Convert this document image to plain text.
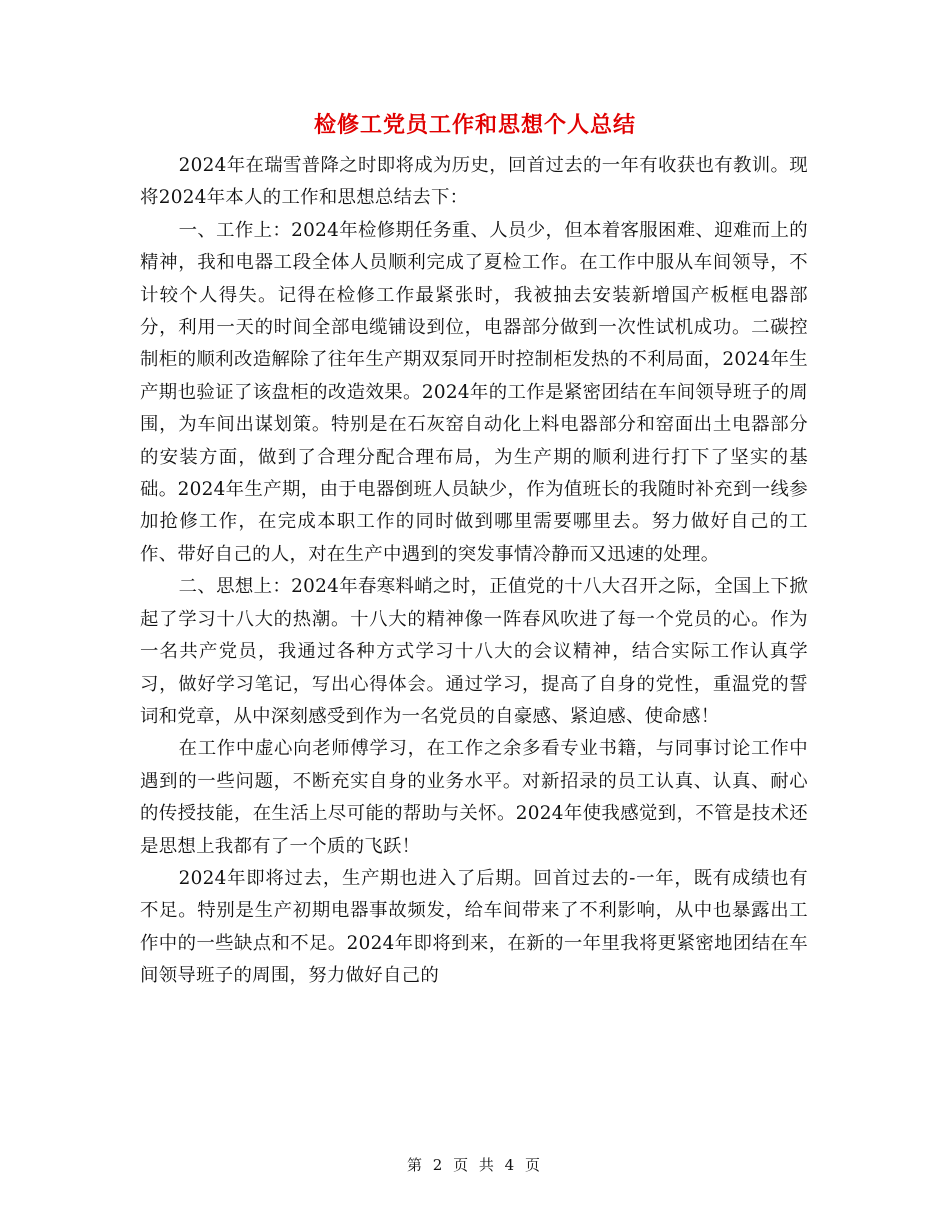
检修工党员工作和思想个人总结

2024年在瑞雪普降之时即将成为历史，回首过去的一年有收获也有教训。现将2024年本人的工作和思想总结去下：

一、工作上：2024年检修期任务重、人员少，但本着客服困难、迎难而上的精神，我和电器工段全体人员顺利完成了夏检工作。在工作中服从车间领导，不计较个人得失。记得在检修工作最紧张时，我被抽去安装新增国产板框电器部分，利用一天的时间全部电缆铺设到位，电器部分做到一次性试机成功。二碳控制柜的顺利改造解除了往年生产期双泵同开时控制柜发热的不利局面，2024年生产期也验证了该盘柜的改造效果。2024年的工作是紧密团结在车间领导班子的周围，为车间出谋划策。特别是在石灰窑自动化上料电器部分和窑面出土电器部分的安装方面，做到了合理分配合理布局，为生产期的顺利进行打下了坚实的基础。2024年生产期，由于电器倒班人员缺少，作为值班长的我随时补充到一线参加抢修工作，在完成本职工作的同时做到哪里需要哪里去。努力做好自己的工作、带好自己的人，对在生产中遇到的突发事情冷静而又迅速的处理。

二、思想上：2024年春寒料峭之时，正值党的十八大召开之际，全国上下掀起了学习十八大的热潮。十八大的精神像一阵春风吹进了每一个党员的心。作为一名共产党员，我通过各种方式学习十八大的会议精神，结合实际工作认真学习，做好学习笔记，写出心得体会。通过学习，提高了自身的党性，重温党的誓词和党章，从中深刻感受到作为一名党员的自豪感、紧迫感、使命感！

在工作中虚心向老师傅学习，在工作之余多看专业书籍，与同事讨论工作中遇到的一些问题，不断充实自身的业务水平。对新招录的员工认真、认真、耐心的传授技能，在生活上尽可能的帮助与关怀。2024年使我感觉到，不管是技术还是思想上我都有了一个质的飞跃！

2024年即将过去，生产期也进入了后期。回首过去的-一年，既有成绩也有不足。特别是生产初期电器事故频发，给车间带来了不利影响，从中也暴露出工作中的一些缺点和不足。2024年即将到来，在新的一年里我将更紧密地团结在车间领导班子的周围，努力做好自己的

第 2 页 共 4 页
